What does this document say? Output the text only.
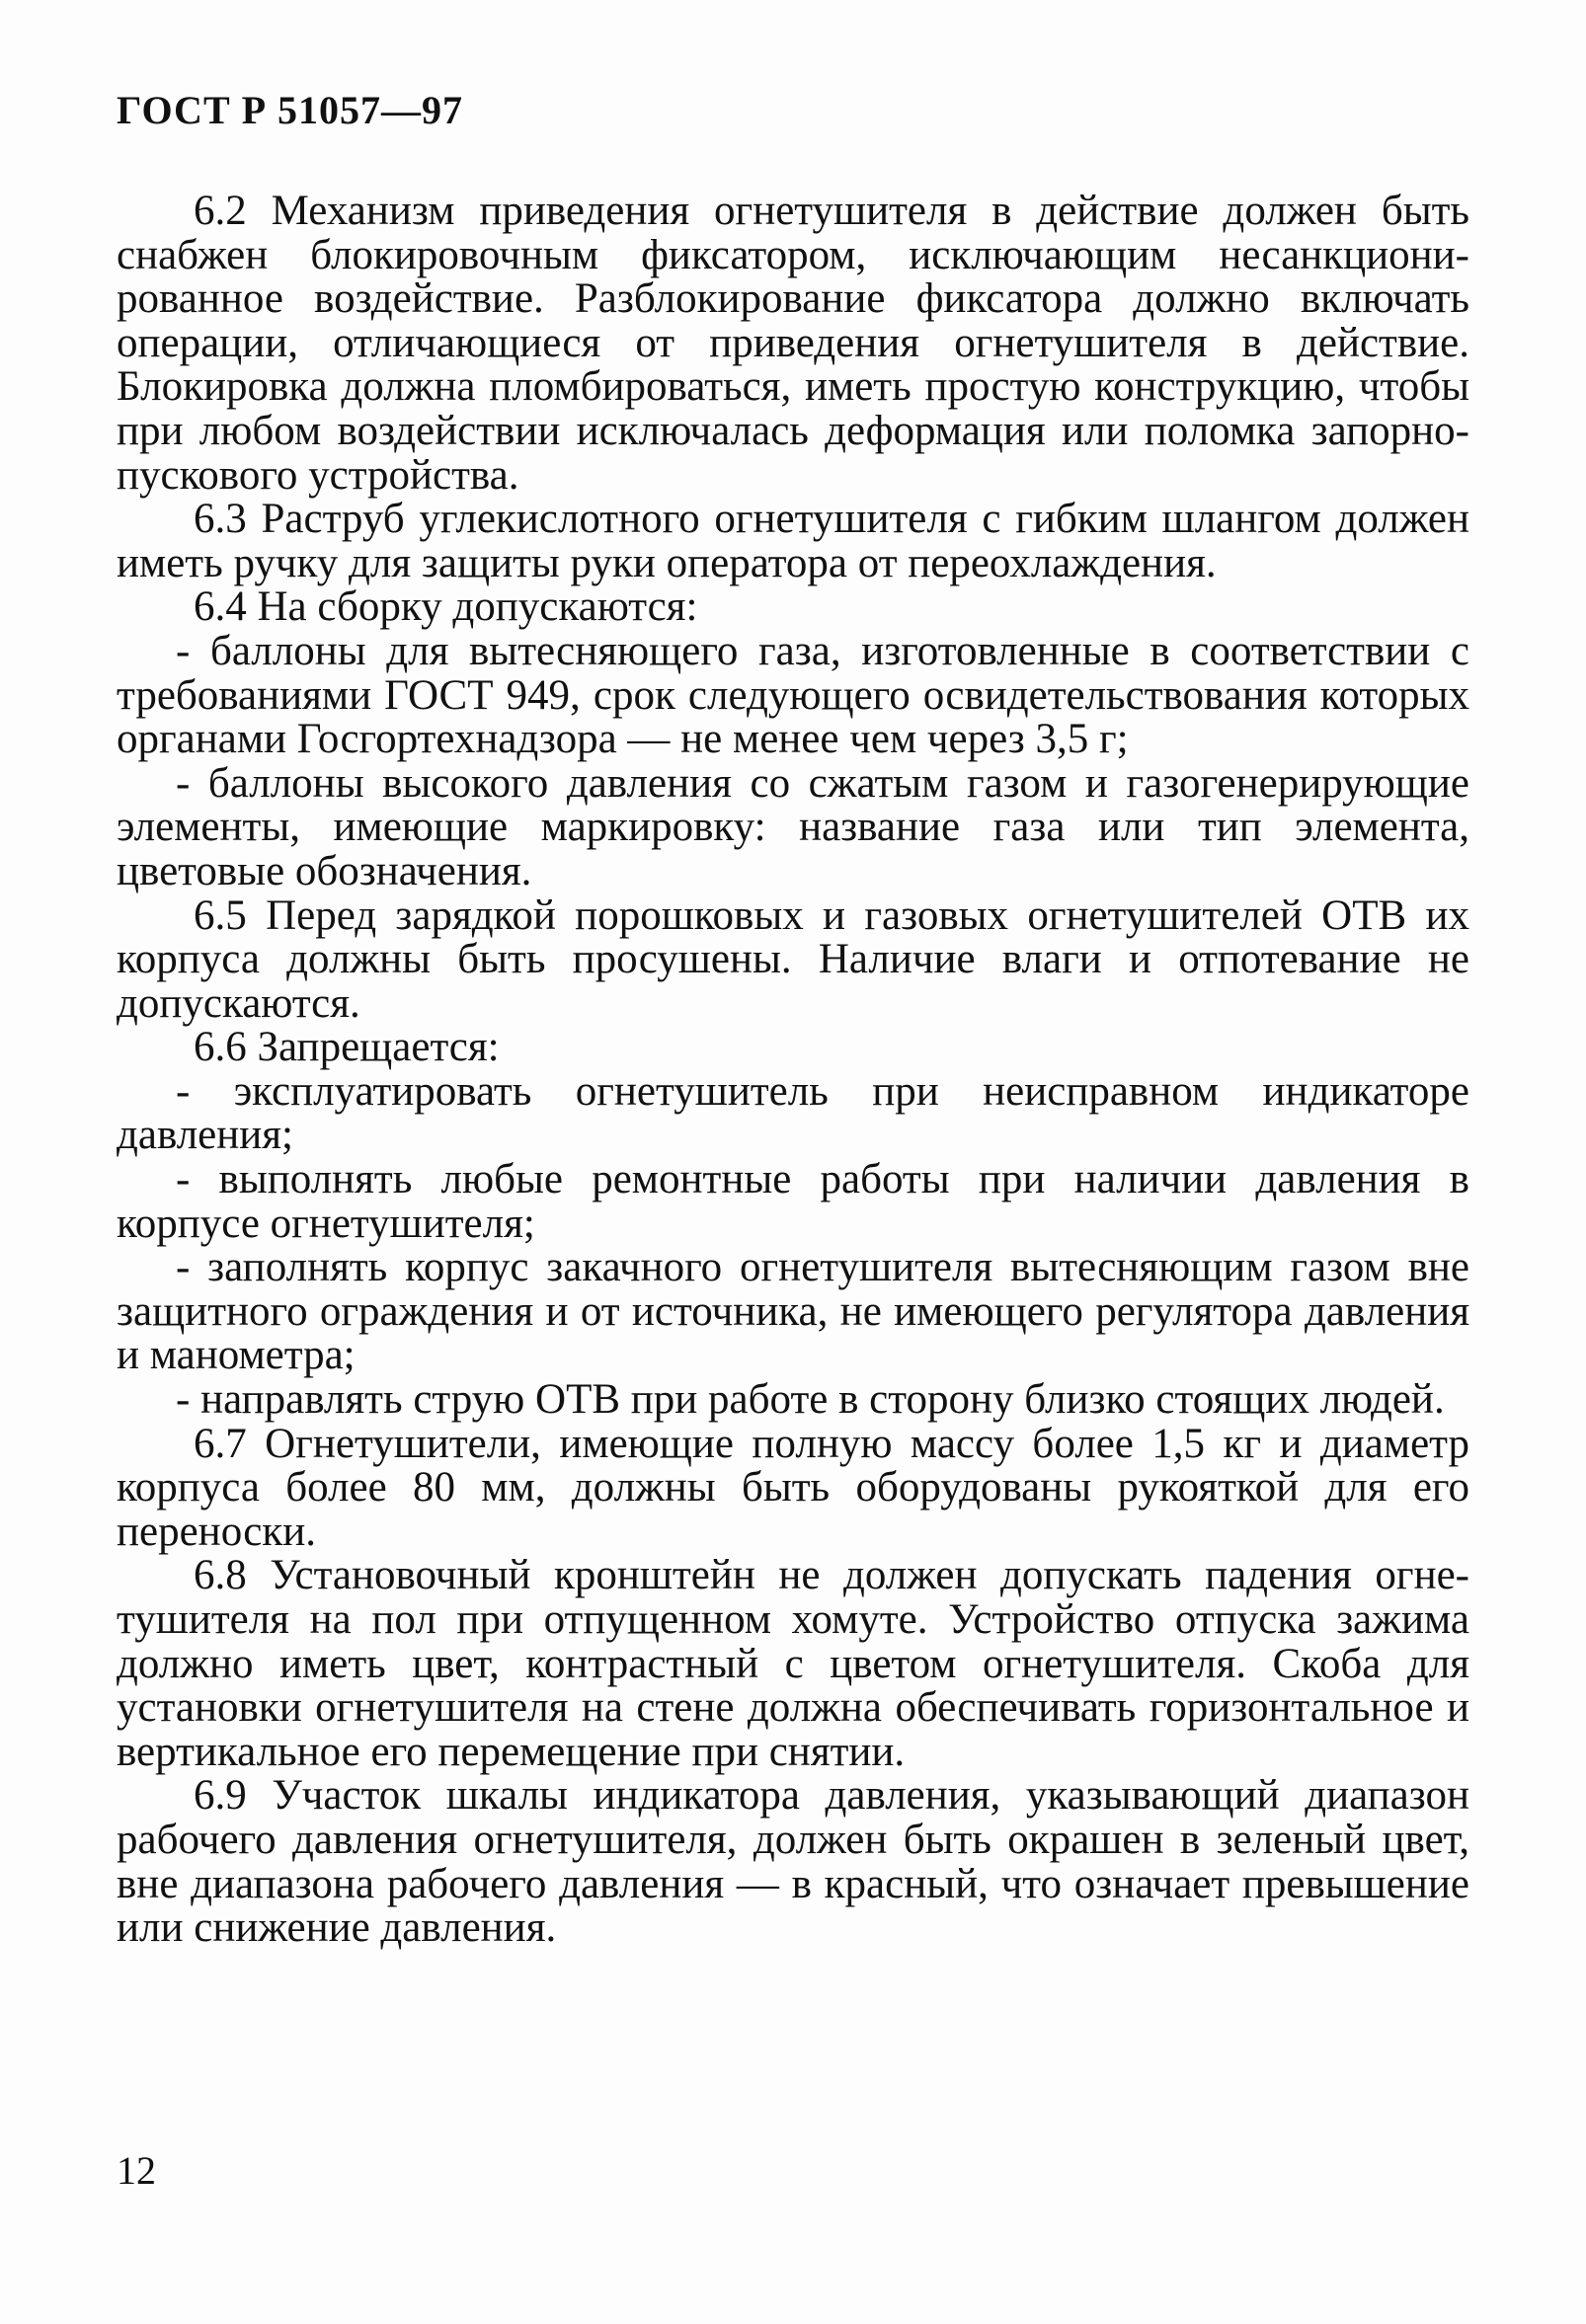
ГОСТ Р 51057—97

6.2 Механизм приведения огнетушителя в действие должен быть снабжен блокировочным фиксатором, исключающим несанкционированное воздействие. Разблокирование фиксатора должно включать операции, отличающиеся от приведения огнетушителя в действие. Блокировка должна пломбироваться, иметь простую конструкцию, чтобы при любом воздействии исключалась деформация или поломка запорно-пускового устройства.

6.3 Раструб углекислотного огнетушителя с гибким шлангом должен иметь ручку для защиты руки оператора от переохлаждения.

6.4 На сборку допускаются:

- баллоны для вытесняющего газа, изготовленные в соответствии с требованиями ГОСТ 949, срок следующего освидетельствования которых органами Госгортехнадзора — не менее чем через 3,5 г;

- баллоны высокого давления со сжатым газом и газогенерирующие элементы, имеющие маркировку: название газа или тип элемента, цветовые обозначения.

6.5 Перед зарядкой порошковых и газовых огнетушителей ОТВ их корпуса должны быть просушены. Наличие влаги и отпотевание не допускаются.

6.6 Запрещается:

- эксплуатировать огнетушитель при неисправном индикаторе давления;

- выполнять любые ремонтные работы при наличии давления в корпусе огнетушителя;

- заполнять корпус закачного огнетушителя вытесняющим газом вне защитного ограждения и от источника, не имеющего регулятора давления и манометра;

- направлять струю ОТВ при работе в сторону близко стоящих людей.

6.7 Огнетушители, имеющие полную массу более 1,5 кг и диаметр корпуса более 80 мм, должны быть оборудованы рукояткой для его переноски.

6.8 Установочный кронштейн не должен допускать падения огнетушителя на пол при отпущенном хомуте. Устройство отпуска зажима должно иметь цвет, контрастный с цветом огнетушителя. Скоба для установки огнетушителя на стене должна обеспечивать горизонтальное и вертикальное его перемещение при снятии.

6.9 Участок шкалы индикатора давления, указывающий диапазон рабочего давления огнетушителя, должен быть окрашен в зеленый цвет, вне диапазона рабочего давления — в красный, что означает превышение или снижение давления.

12
